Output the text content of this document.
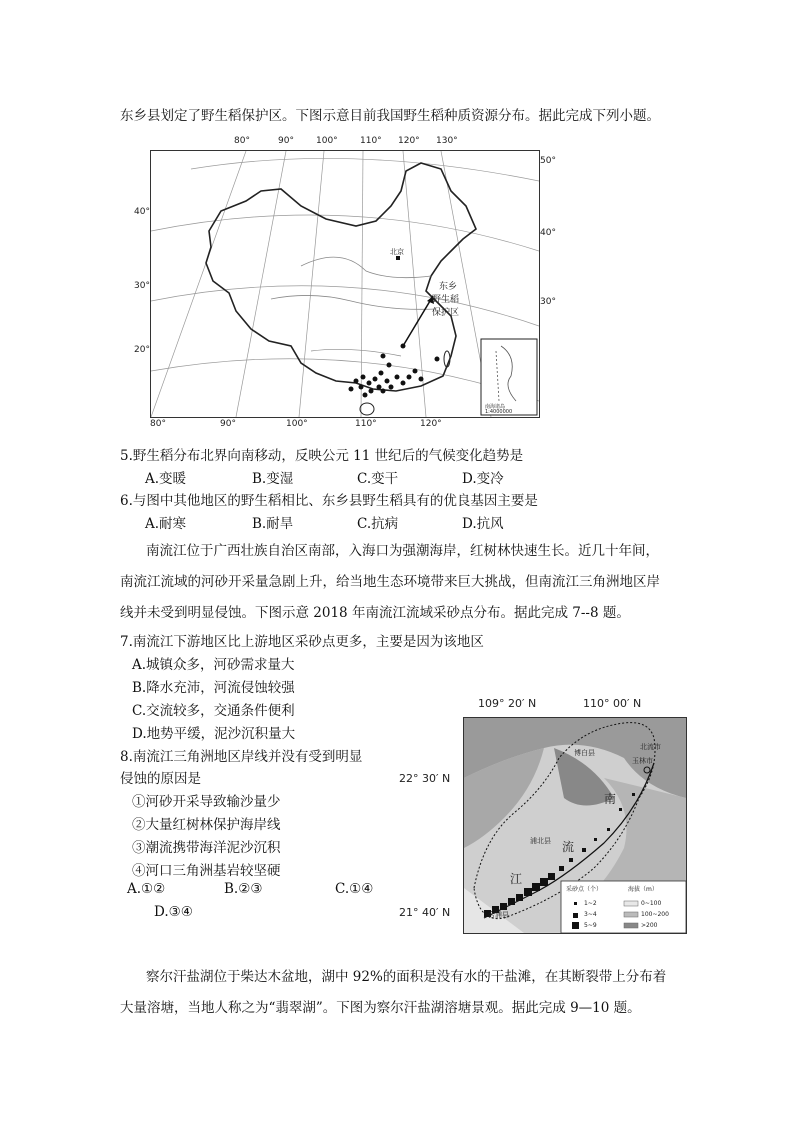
东乡县划定了野生稻保护区。下图示意目前我国野生稻种质资源分布。据此完成下列小题。
80°	90° 100° 110° 120° 130°
北京
东乡
野生稻
保护区
南海诸岛
1:4000000
40°
30°
20°
50°
40°
30°
80°	90°	100°	110°	120°
5.野生稻分布北界向南移动，反映公元 11 世纪后的气候变化趋势是
A.变暖	B.变湿	C.变干	D.变冷
6.与图中其他地区的野生稻相比、东乡县野生稻具有的优良基因主要是
A.耐寒	B.耐旱	C.抗病	D.抗风
南流江位于广西壮族自治区南部，入海口为强潮海岸，红树林快速生长。近几十年间，
南流江流域的河砂开采量急剧上升，给当地生态环境带来巨大挑战，但南流江三角洲地区岸
线并未受到明显侵蚀。下图示意 2018 年南流江流域采砂点分布。据此完成 7--8 题。
7.南流江下游地区比上游地区采砂点更多，主要是因为该地区
A.城镇众多，河砂需求量大
B.降水充沛，河流侵蚀较强
C.交流较多，交通条件便利
D.地势平缓，泥沙沉积量大
8.南流江三角洲地区岸线并没有受到明显
侵蚀的原因是
①河砂开采导致输沙量少
②大量红树林保护海岸线
③潮流携带海洋泥沙沉积
④河口三角洲基岩较坚硬
A.①②	B.②③	C.①④
D.③④
109° 20′ N	110° 00′ N
22° 30′ N
21° 40′ N
玉林市
北流市
浦北县
合浦县
博白县
南
流
江
采砂点（个）
1~2
3~4
5~9
海拔（m）
0~100
100~200
>200
察尔汗盐湖位于柴达木盆地，湖中 92%的面积是没有水的干盐滩，在其断裂带上分布着
大量溶塘，当地人称之为“翡翠湖”。下图为察尔汗盐湖溶塘景观。据此完成 9—10 题。
